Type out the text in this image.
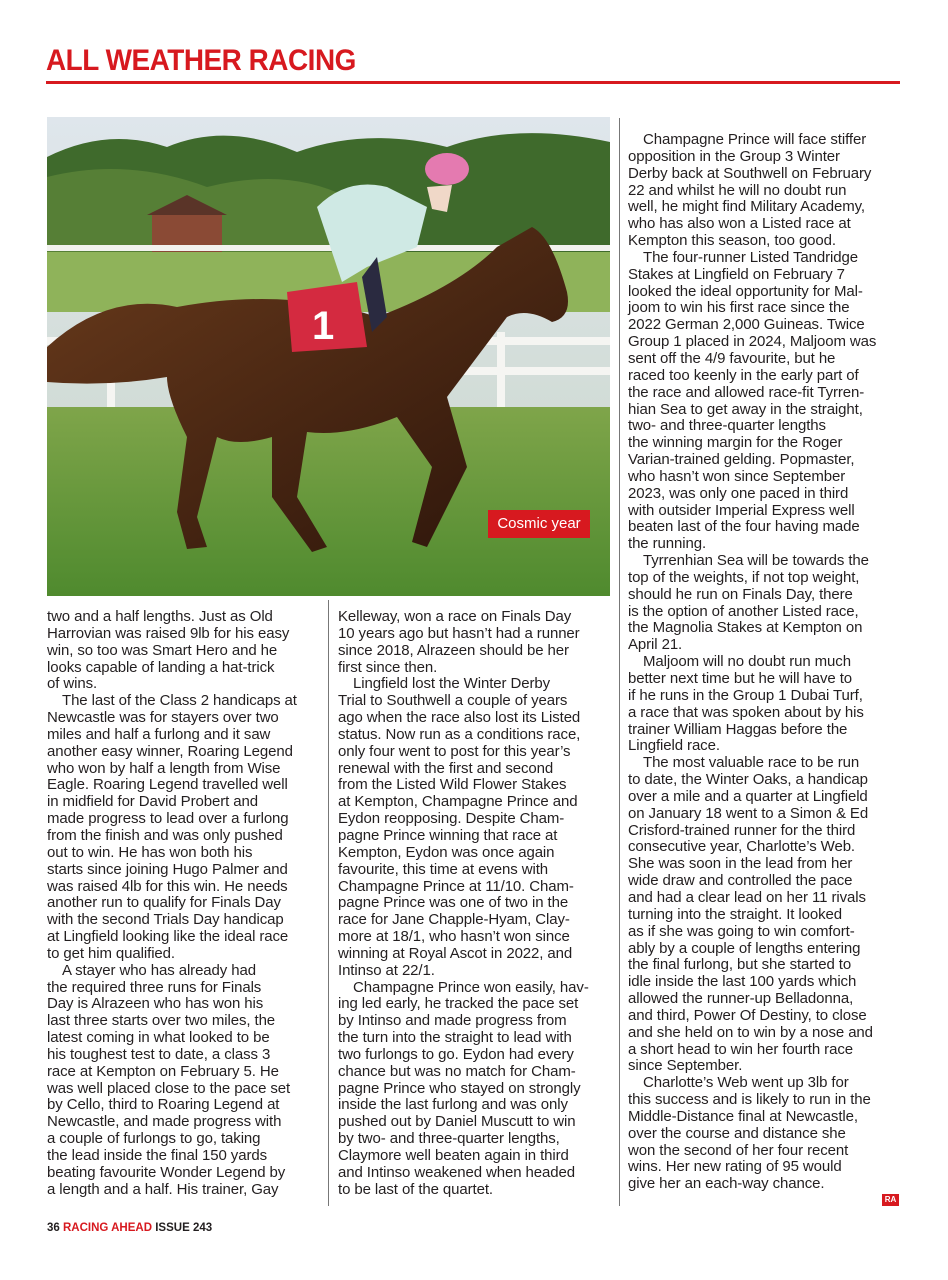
ALL WEATHER RACING
1
Cosmic year
two and a half lengths. Just as Old
Harrovian was raised 9lb for his easy
win, so too was Smart Hero and he
looks capable of landing a hat-trick
of wins.
The last of the Class 2 handicaps at
Newcastle was for stayers over two
miles and half a furlong and it saw
another easy winner, Roaring Legend
who won by half a length from Wise
Eagle. Roaring Legend travelled well
in midfield for David Probert and
made progress to lead over a furlong
from the finish and was only pushed
out to win. He has won both his
starts since joining Hugo Palmer and
was raised 4lb for this win. He needs
another run to qualify for Finals Day
with the second Trials Day handicap
at Lingfield looking like the ideal race
to get him qualified.
A stayer who has already had
the required three runs for Finals
Day is Alrazeen who has won his
last three starts over two miles, the
latest coming in what looked to be
his toughest test to date, a class 3
race at Kempton on February 5. He
was well placed close to the pace set
by Cello, third to Roaring Legend at
Newcastle, and made progress with
a couple of furlongs to go, taking
the lead inside the final 150 yards
beating favourite Wonder Legend by
a length and a half. His trainer, Gay
Kelleway, won a race on Finals Day
10 years ago but hasn’t had a runner
since 2018, Alrazeen should be her
first since then.
Lingfield lost the Winter Derby
Trial to Southwell a couple of years
ago when the race also lost its Listed
status. Now run as a conditions race,
only four went to post for this year’s
renewal with the first and second
from the Listed Wild Flower Stakes
at Kempton, Champagne Prince and
Eydon reopposing. Despite Cham-
pagne Prince winning that race at
Kempton, Eydon was once again
favourite, this time at evens with
Champagne Prince at 11/10. Cham-
pagne Prince was one of two in the
race for Jane Chapple-Hyam, Clay-
more at 18/1, who hasn’t won since
winning at Royal Ascot in 2022, and
Intinso at 22/1.
Champagne Prince won easily, hav-
ing led early, he tracked the pace set
by Intinso and made progress from
the turn into the straight to lead with
two furlongs to go. Eydon had every
chance but was no match for Cham-
pagne Prince who stayed on strongly
inside the last furlong and was only
pushed out by Daniel Muscutt to win
by two- and three-quarter lengths,
Claymore well beaten again in third
and Intinso weakened when headed
to be last of the quartet.
Champagne Prince will face stiffer
opposition in the Group 3 Winter
Derby back at Southwell on February
22 and whilst he will no doubt run
well, he might find Military Academy,
who has also won a Listed race at
Kempton this season, too good.
The four-runner Listed Tandridge
Stakes at Lingfield on February 7
looked the ideal opportunity for Mal-
joom to win his first race since the
2022 German 2,000 Guineas. Twice
Group 1 placed in 2024, Maljoom was
sent off the 4/9 favourite, but he
raced too keenly in the early part of
the race and allowed race-fit Tyrren-
hian Sea to get away in the straight,
two- and three-quarter lengths
the winning margin for the Roger
Varian-trained gelding. Popmaster,
who hasn’t won since September
2023, was only one paced in third
with outsider Imperial Express well
beaten last of the four having made
the running.
Tyrrenhian Sea will be towards the
top of the weights, if not top weight,
should he run on Finals Day, there
is the option of another Listed race,
the Magnolia Stakes at Kempton on
April 21.
Maljoom will no doubt run much
better next time but he will have to
if he runs in the Group 1 Dubai Turf,
a race that was spoken about by his
trainer William Haggas before the
Lingfield race.
The most valuable race to be run
to date, the Winter Oaks, a handicap
over a mile and a quarter at Lingfield
on January 18 went to a Simon & Ed
Crisford-trained runner for the third
consecutive year, Charlotte’s Web.
She was soon in the lead from her
wide draw and controlled the pace
and had a clear lead on her 11 rivals
turning into the straight. It looked
as if she was going to win comfort-
ably by a couple of lengths entering
the final furlong, but she started to
idle inside the last 100 yards which
allowed the runner-up Belladonna,
and third, Power Of Destiny, to close
and she held on to win by a nose and
a short head to win her fourth race
since September.
Charlotte’s Web went up 3lb for
this success and is likely to run in the
Middle-Distance final at Newcastle,
over the course and distance she
won the second of her four recent
wins. Her new rating of 95 would
give her an each-way chance.
RA
36 RACING AHEAD ISSUE 243
